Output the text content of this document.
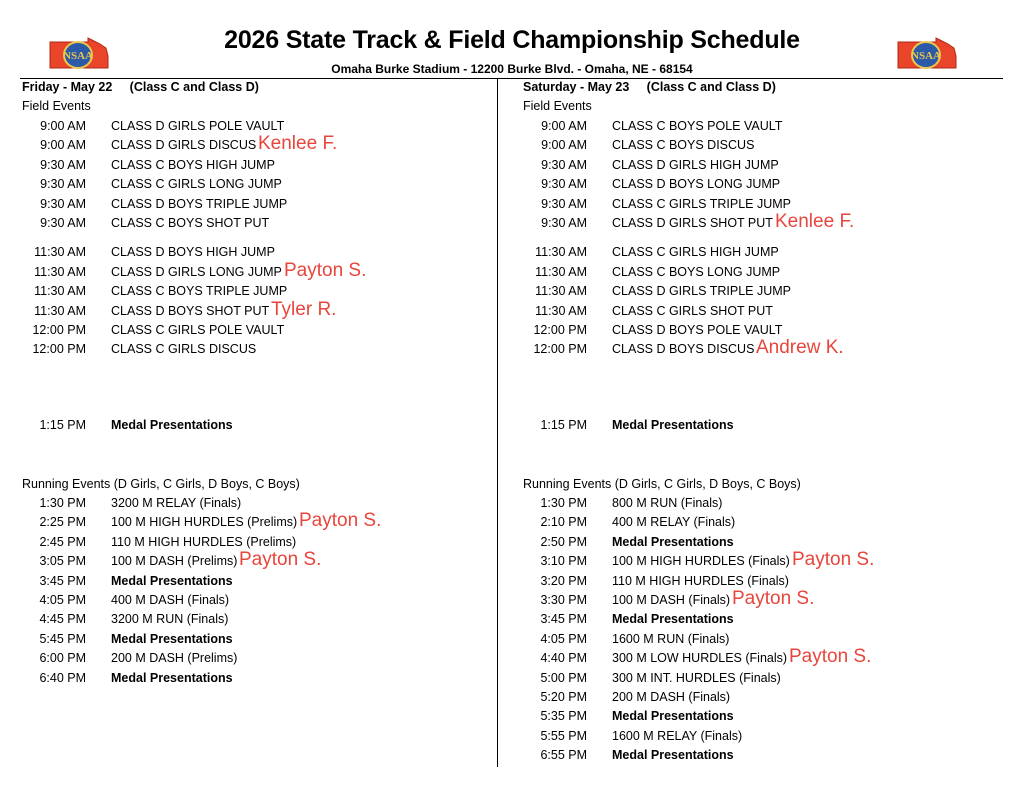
NSAA	NSAA
2026 State Track & Field Championship Schedule
Omaha Burke Stadium - 12200 Burke Blvd. - Omaha, NE - 68154
Friday - May 22     (Class C and Class D)
Field Events
9:00 AM CLASS D GIRLS POLE VAULT
9:00 AM CLASS D GIRLS DISCUS Kenlee F.
9:30 AM CLASS C BOYS HIGH JUMP
9:30 AM CLASS C GIRLS LONG JUMP
9:30 AM CLASS D BOYS TRIPLE JUMP
9:30 AM CLASS C BOYS SHOT PUT
11:30 AM CLASS D BOYS HIGH JUMP
11:30 AM CLASS D GIRLS LONG JUMP Payton S.
11:30 AM CLASS C BOYS TRIPLE JUMP
11:30 AM CLASS D BOYS SHOT PUT Tyler R.
12:00 PM CLASS C GIRLS POLE VAULT
12:00 PM CLASS C GIRLS DISCUS
1:15 PM Medal Presentations
Running Events (D Girls, C Girls, D Boys, C Boys)
1:30 PM 3200 M RELAY (Finals)
2:25 PM 100 M HIGH HURDLES (Prelims) Payton S.
2:45 PM 110 M HIGH HURDLES (Prelims)
3:05 PM 100 M DASH (Prelims) Payton S.
3:45 PM Medal Presentations
4:05 PM 400 M DASH (Finals)
4:45 PM 3200 M RUN (Finals)
5:45 PM Medal Presentations
6:00 PM 200 M DASH (Prelims)
6:40 PM Medal Presentations
Saturday - May 23     (Class C and Class D)
Field Events
9:00 AM CLASS C BOYS POLE VAULT
9:00 AM CLASS C BOYS DISCUS
9:30 AM CLASS D GIRLS HIGH JUMP
9:30 AM CLASS D BOYS LONG JUMP
9:30 AM CLASS C GIRLS TRIPLE JUMP
9:30 AM CLASS D GIRLS SHOT PUT Kenlee F.
11:30 AM CLASS C GIRLS HIGH JUMP
11:30 AM CLASS C BOYS LONG JUMP
11:30 AM CLASS D GIRLS TRIPLE JUMP
11:30 AM CLASS C GIRLS SHOT PUT
12:00 PM CLASS D BOYS POLE VAULT
12:00 PM CLASS D BOYS DISCUS Andrew K.
1:15 PM Medal Presentations
Running Events (D Girls, C Girls, D Boys, C Boys)
1:30 PM 800 M RUN (Finals)
2:10 PM 400 M RELAY (Finals)
2:50 PM Medal Presentations
3:10 PM 100 M HIGH HURDLES (Finals) Payton S.
3:20 PM 110 M HIGH HURDLES (Finals)
3:30 PM 100 M DASH (Finals) Payton S.
3:45 PM Medal Presentations
4:05 PM 1600 M RUN (Finals)
4:40 PM 300 M LOW HURDLES (Finals) Payton S.
5:00 PM 300 M INT. HURDLES (Finals)
5:20 PM 200 M DASH (Finals)
5:35 PM Medal Presentations
5:55 PM 1600 M RELAY (Finals)
6:55 PM Medal Presentations
